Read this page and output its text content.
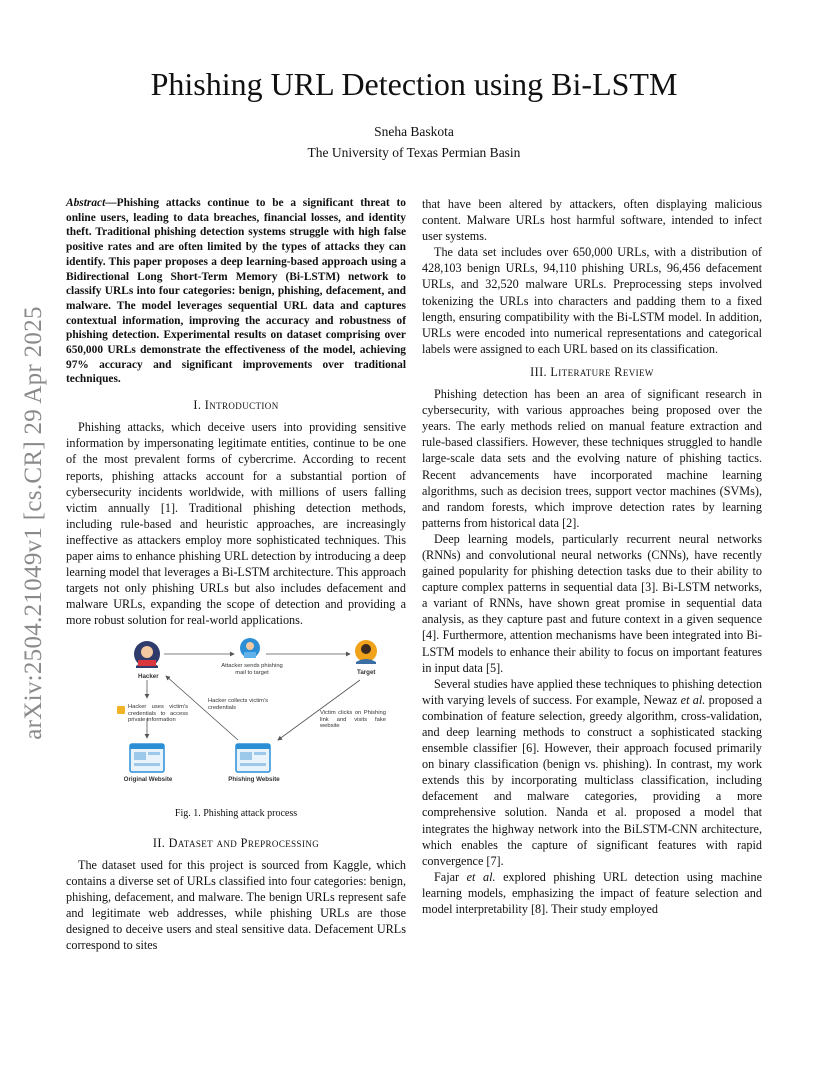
arXiv:2504.21049v1 [cs.CR] 29 Apr 2025
Phishing URL Detection using Bi-LSTM
Sneha Baskota
The University of Texas Permian Basin

Abstract—Phishing attacks continue to be a significant threat to online users, leading to data breaches, financial losses, and identity theft. Traditional phishing detection systems struggle with high false positive rates and are often limited by the types of attacks they can identify. This paper proposes a deep learning-based approach using a Bidirectional Long Short-Term Memory (Bi-LSTM) network to classify URLs into four categories: benign, phishing, defacement, and malware. The model leverages sequential URL data and captures contextual information, improving the accuracy and robustness of phishing detection. Experimental results on dataset comprising over 650,000 URLs demonstrate the effectiveness of the model, achieving 97% accuracy and significant improvements over traditional techniques.

I. Introduction

Phishing attacks, which deceive users into providing sensitive information by impersonating legitimate entities, continue to be one of the most prevalent forms of cybercrime. According to recent reports, phishing attacks account for a substantial portion of cybersecurity incidents worldwide, with millions of users falling victim annually [1]. Traditional phishing detection methods, including rule-based and heuristic approaches, are increasingly ineffective as attackers employ more sophisticated techniques. This paper aims to enhance phishing URL detection by introducing a deep learning model that leverages a Bi-LSTM architecture. This approach targets not only phishing URLs but also includes defacement and malware URLs, expanding the scope of detection and providing a more robust solution for real-world applications.

Hacker
Target
Attacker sends phishing mail to target
Hacker collects victim's credentials
Hacker uses victim's credentials to access private information
Victim clicks on Phishing link and visits fake website
Original Website	Phishing Website
Fig. 1. Phishing attack process
II. Dataset and Preprocessing

The dataset used for this project is sourced from Kaggle, which contains a diverse set of URLs classified into four categories: benign, phishing, defacement, and malware. The benign URLs represent safe and legitimate web addresses, while phishing URLs are those designed to deceive users and steal sensitive data. Defacement URLs correspond to sites

that have been altered by attackers, often displaying malicious content. Malware URLs host harmful software, intended to infect user systems.

The data set includes over 650,000 URLs, with a distribution of 428,103 benign URLs, 94,110 phishing URLs, 96,456 defacement URLs, and 32,520 malware URLs. Preprocessing steps involved tokenizing the URLs into characters and padding them to a fixed length, ensuring compatibility with the Bi-LSTM model. In addition, URLs were encoded into numerical representations and categorical labels were assigned to each URL based on its classification.

III. Literature Review

Phishing detection has been an area of significant research in cybersecurity, with various approaches being proposed over the years. The early methods relied on manual feature extraction and rule-based classifiers. However, these techniques struggled to handle large-scale data sets and the evolving nature of phishing tactics. Recent advancements have incorporated machine learning algorithms, such as decision trees, support vector machines (SVMs), and random forests, which improve detection rates by learning patterns from historical data [2].

Deep learning models, particularly recurrent neural networks (RNNs) and convolutional neural networks (CNNs), have recently gained popularity for phishing detection tasks due to their ability to capture complex patterns in sequential data [3]. Bi-LSTM networks, a variant of RNNs, have shown great promise in sequential data analysis, as they capture past and future context in a given sequence [4]. Furthermore, attention mechanisms have been integrated into Bi-LSTM models to enhance their ability to focus on important features in input data [5].

Several studies have applied these techniques to phishing detection with varying levels of success. For example, Newaz et al. proposed a combination of feature selection, greedy algorithm, cross-validation, and deep learning methods to construct a sophisticated stacking ensemble classifier [6]. However, their approach focused primarily on binary classification (benign vs. phishing). In contrast, my work extends this by incorporating multiclass classification, including defacement and malware categories, providing a more comprehensive solution. Nanda et al. proposed a model that integrates the highway network into the BiLSTM-CNN architecture, which enables the capture of significant features with rapid convergence [7].

Fajar et al. explored phishing URL detection using machine learning models, emphasizing the impact of feature selection and model interpretability [8]. Their study employed
